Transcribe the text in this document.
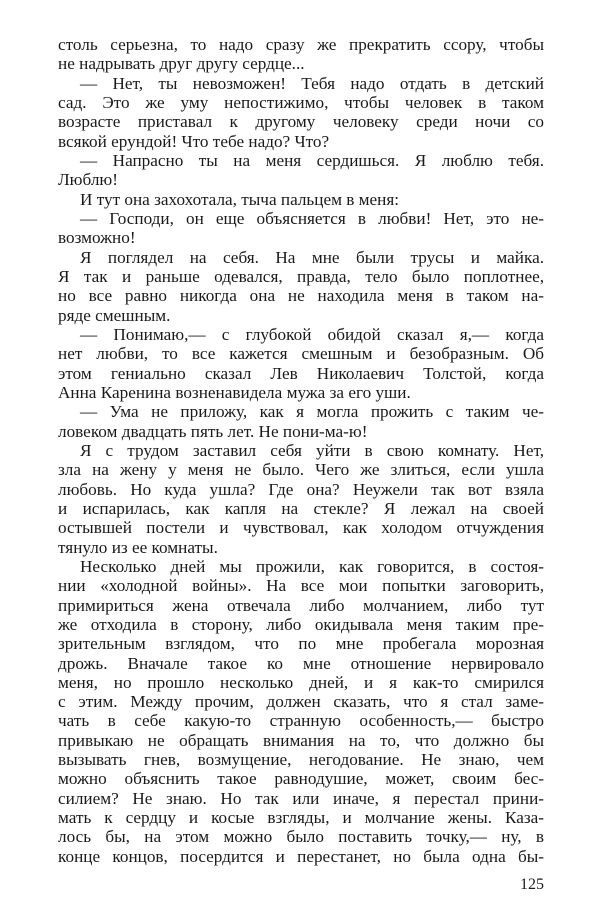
столь серьезна, то надо сразу же прекратить ссору, чтобы
не надрывать друг другу сердце...
— Нет, ты невозможен! Тебя надо отдать в детский
сад. Это же уму непостижимо, чтобы человек в таком
возрасте приставал к другому человеку среди ночи со
всякой ерундой! Что тебе надо? Что?
— Напрасно ты на меня сердишься. Я люблю тебя.
Люблю!
И тут она захохотала, тыча пальцем в меня:
— Господи, он еще объясняется в любви! Нет, это не-
возможно!
Я поглядел на себя. На мне были трусы и майка.
Я так и раньше одевался, правда, тело было поплотнее,
но все равно никогда она не находила меня в таком на-
ряде смешным.
— Понимаю,— с глубокой обидой сказал я,— когда
нет любви, то все кажется смешным и безобразным. Об
этом гениально сказал Лев Николаевич Толстой, когда
Анна Каренина возненавидела мужа за его уши.
— Ума не приложу, как я могла прожить с таким че-
ловеком двадцать пять лет. Не пони-ма-ю!
Я с трудом заставил себя уйти в свою комнату. Нет,
зла на жену у меня не было. Чего же злиться, если ушла
любовь. Но куда ушла? Где она? Неужели так вот взяла
и испарилась, как капля на стекле? Я лежал на своей
остывшей постели и чувствовал, как холодом отчуждения
тянуло из ее комнаты.
Несколько дней мы прожили, как говорится, в состоя-
нии «холодной войны». На все мои попытки заговорить,
примириться жена отвечала либо молчанием, либо тут
же отходила в сторону, либо окидывала меня таким пре-
зрительным взглядом, что по мне пробегала морозная
дрожь. Вначале такое ко мне отношение нервировало
меня, но прошло несколько дней, и я как-то смирился
с этим. Между прочим, должен сказать, что я стал заме-
чать в себе какую-то странную особенность,— быстро
привыкаю не обращать внимания на то, что должно бы
вызывать гнев, возмущение, негодование. Не знаю, чем
можно объяснить такое равнодушие, может, своим бес-
силием? Не знаю. Но так или иначе, я перестал прини-
мать к сердцу и косые взгляды, и молчание жены. Каза-
лось бы, на этом можно было поставить точку,— ну, в
конце концов, посердится и перестанет, но была одна бы-
125
